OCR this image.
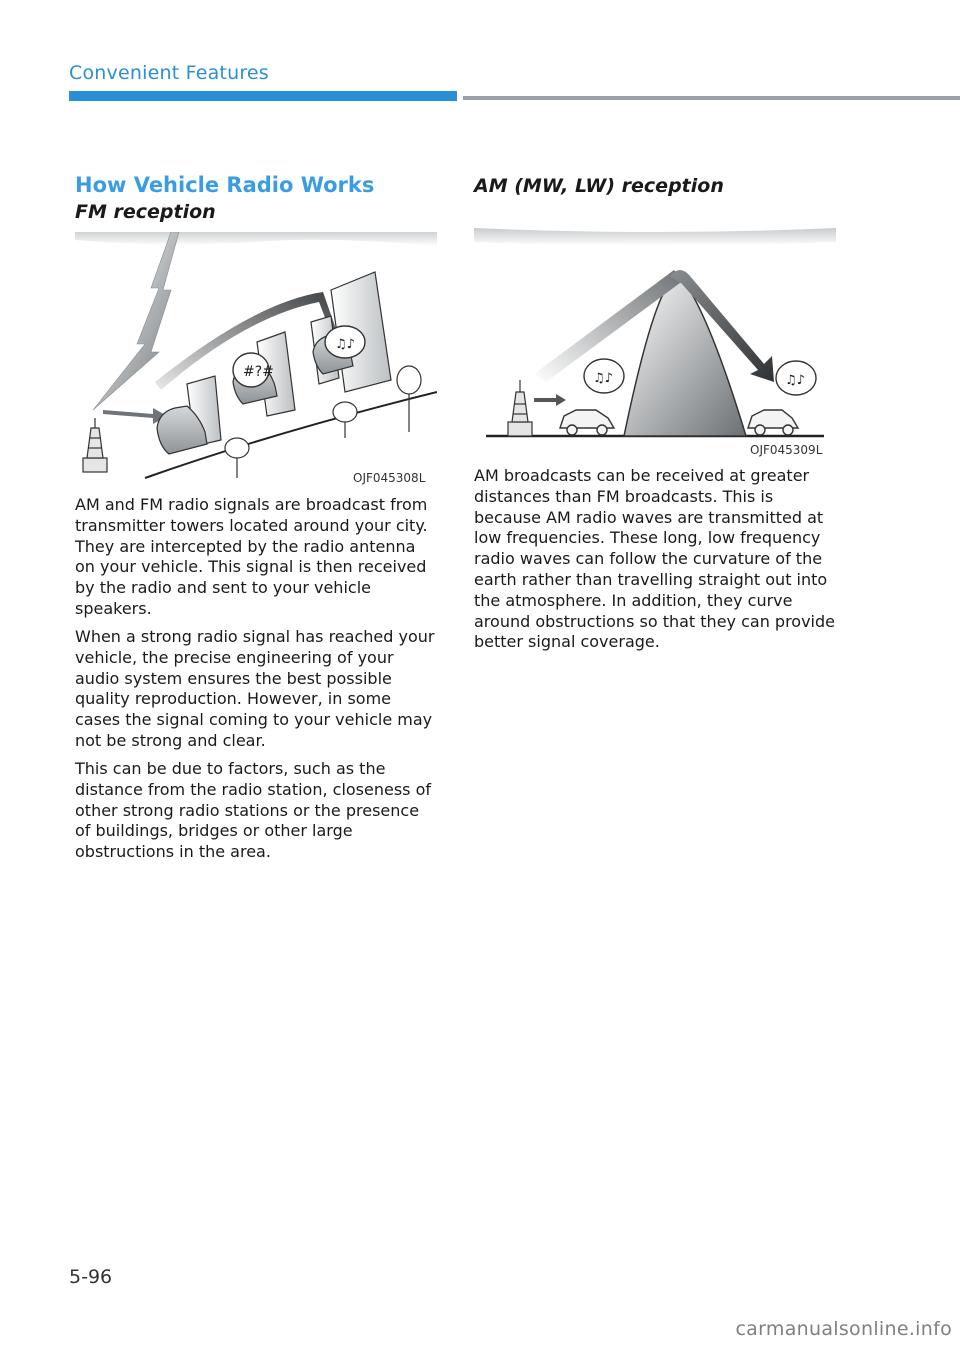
Convenient Features
How Vehicle Radio Works
FM reception
#?#
♫♪
OJF045308L

AM and FM radio signals are broadcast from transmitter towers located around your city. They are intercepted by the radio antenna on your vehicle. This signal is then received by the radio and sent to your vehicle speakers.

When a strong radio signal has reached your vehicle, the precise engineering of your audio system ensures the best possible quality reproduction. However, in some cases the signal coming to your vehicle may not be strong and clear.

This can be due to factors, such as the distance from the radio station, closeness of other strong radio stations or the presence of buildings, bridges or other large obstructions in the area.

AM (MW, LW) reception
♫♪	♫♪
OJF045309L

AM broadcasts can be received at greater distances than FM broadcasts. This is because AM radio waves are transmitted at low frequencies. These long, low frequency radio waves can follow the curvature of the earth rather than travelling straight out into the atmosphere. In addition, they curve around obstructions so that they can provide better signal coverage.

5-96
carmanualsonline.info
